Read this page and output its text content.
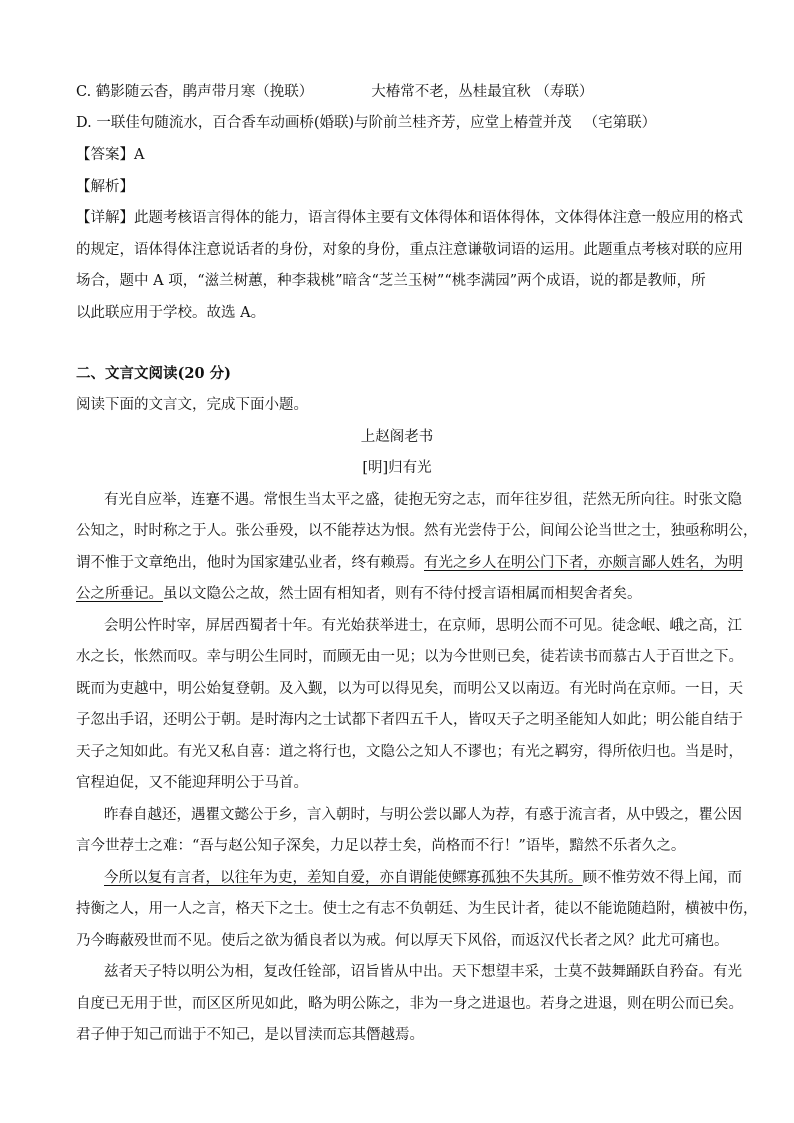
C. 鹤影随云杳，鹃声带月寒（挽联）	大椿常不老，丛桂最宜秋 （寿联）
D. 一联佳句随流水，百合香车动画桥(婚联)与阶前兰桂齐芳，应堂上椿萱并茂 （宅第联）
【答案】A
【解析】
【详解】此题考核语言得体的能力，语言得体主要有文体得体和语体得体，文体得体注意一般应用的格式
的规定，语体得体注意说话者的身份，对象的身份，重点注意谦敬词语的运用。此题重点考核对联的应用
场合，题中 A 项，“滋兰树蕙，种李栽桃”暗含“芝兰玉树”“桃李满园”两个成语，说的都是教师，所
以此联应用于学校。故选 A。
二、文言文阅读(20 分)
阅读下面的文言文，完成下面小题。
上赵阁老书
[明]归有光
有光自应举，连蹇不遇。常恨生当太平之盛，徒抱无穷之志，而年往岁徂，茫然无所向往。时张文隐
公知之，时时称之于人。张公垂殁，以不能荐达为恨。然有光尝侍于公，间闻公论当世之士，独亟称明公，
谓不惟于文章绝出，他时为国家建弘业者，终有赖焉。有光之乡人在明公门下者，亦颇言鄙人姓名，为明
公之所垂记。虽以文隐公之故，然士固有相知者，则有不待付授言语相属而相契舍者矣。
会明公忤时宰，屏居西蜀者十年。有光始获举进士，在京师，思明公而不可见。徒念岷、峨之高，江
水之长，怅然而叹。幸与明公生同时，而顾无由一见；以为今世则已矣，徒若读书而慕古人于百世之下。
既而为吏越中，明公始复登朝。及入觐，以为可以得见矣，而明公又以南迈。有光时尚在京师。一日，天
子忽出手诏，还明公于朝。是时海内之士试都下者四五千人，皆叹天子之明圣能知人如此；明公能自结于
天子之知如此。有光又私自喜：道之将行也，文隐公之知人不谬也；有光之羁穷，得所依归也。当是时，
官程迫促，又不能迎拜明公于马首。
昨春自越还，遇瞿文懿公于乡，言入朝时，与明公尝以鄙人为荐，有惑于流言者，从中毁之，瞿公因
言今世荐士之难：“吾与赵公知子深矣，力足以荐士矣，尚格而不行！”语毕，黯然不乐者久之。
今所以复有言者，以往年为吏，差知自爱，亦自谓能使鳏寡孤独不失其所。顾不惟劳效不得上闻，而
持衡之人，用一人之言，格天下之士。使士之有志不负朝廷、为生民计者，徒以不能诡随趋附，横被中伤，
乃今晦蔽殁世而不见。使后之欲为循良者以为戒。何以厚天下风俗，而返汉代长者之风？此尤可痛也。
兹者天子特以明公为相，复改任铨部，诏旨皆从中出。天下想望丰采，士莫不鼓舞踊跃自矜奋。有光
自度已无用于世，而区区所见如此，略为明公陈之，非为一身之进退也。若身之进退，则在明公而已矣。
君子伸于知己而诎于不知己，是以冒渎而忘其僭越焉。
